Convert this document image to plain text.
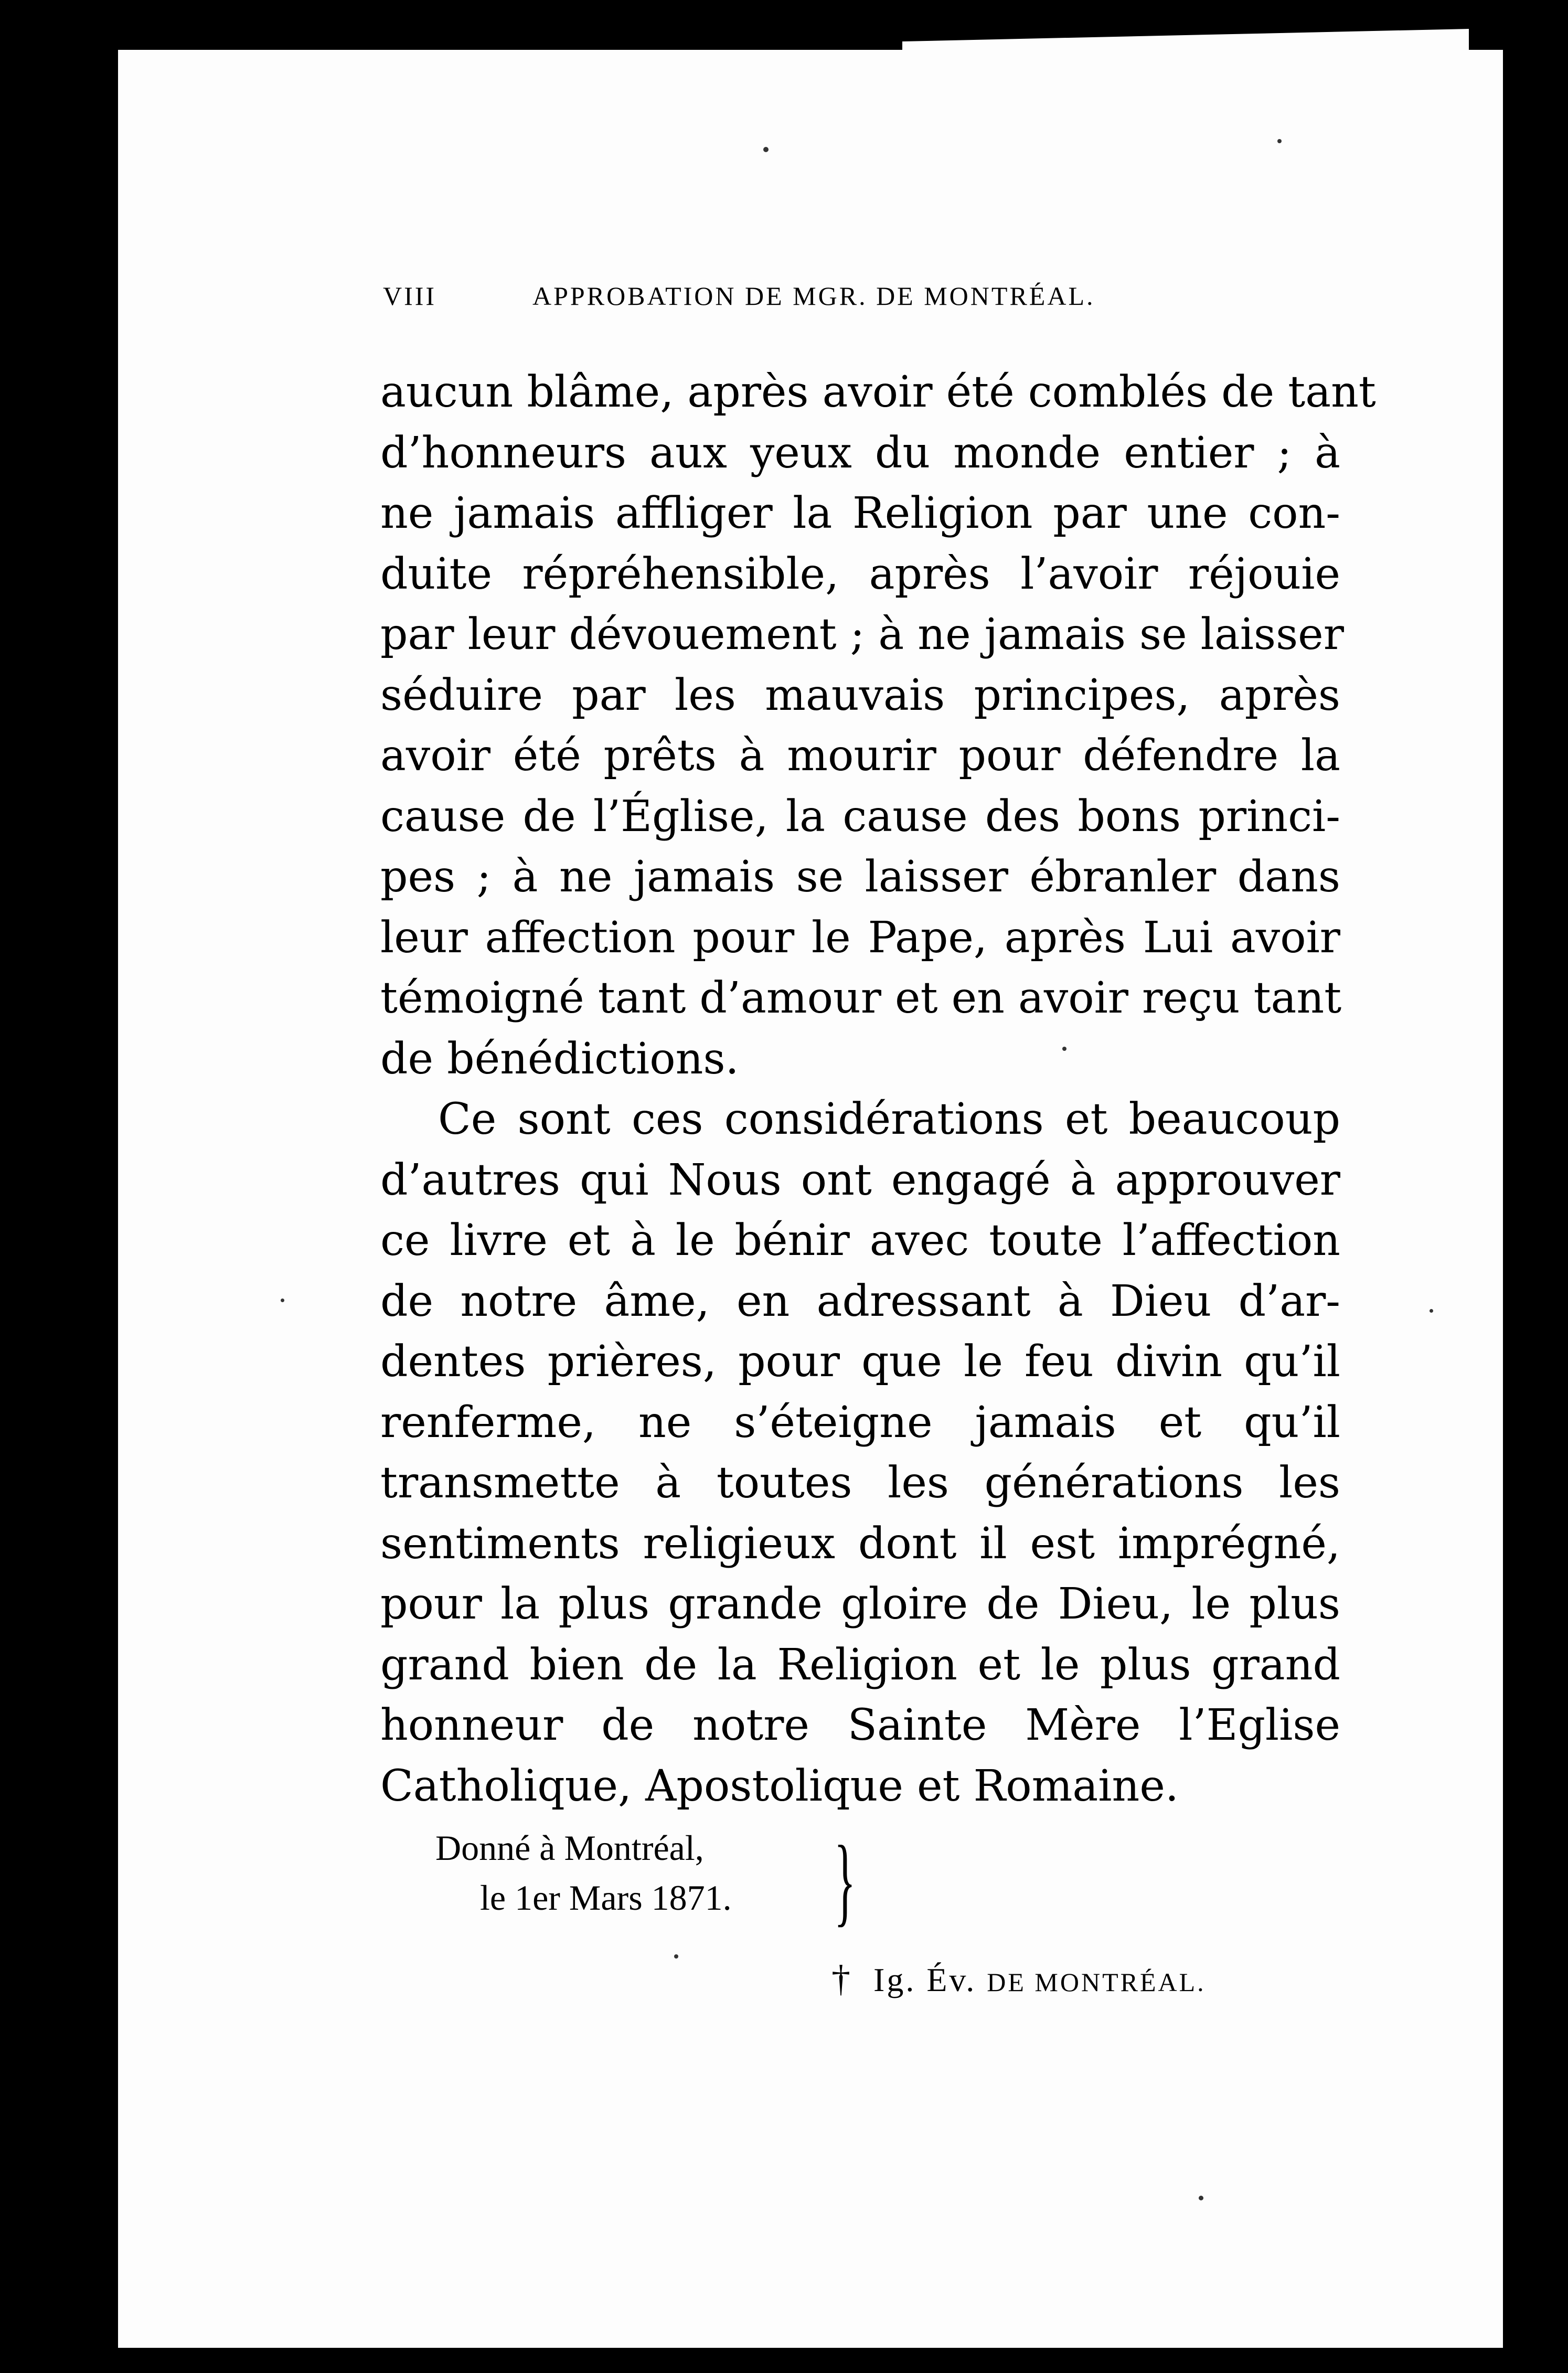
VIII	APPROBATION DE MGR. DE MONTRÉAL.
aucun blâme, après avoir été comblés de tant
d’honneurs aux yeux du monde entier ; à
ne jamais affliger la Religion par une con-
duite répréhensible, après l’avoir réjouie
par leur dévouement ; à ne jamais se laisser
séduire par les mauvais principes, après
avoir été prêts à mourir pour défendre la
cause de l’Église, la cause des bons princi-
pes ; à ne jamais se laisser ébranler dans
leur affection pour le Pape, après Lui avoir
témoigné tant d’amour et en avoir reçu tant
de bénédictions.
Ce sont ces considérations et beaucoup
d’autres qui Nous ont engagé à approuver
ce livre et à le bénir avec toute l’affection
de notre âme, en adressant à Dieu d’ar-
dentes prières, pour que le feu divin qu’il
renferme, ne s’éteigne jamais et qu’il
transmette à toutes les générations les
sentiments religieux dont il est imprégné,
pour la plus grande gloire de Dieu, le plus
grand bien de la Religion et le plus grand
honneur de notre Sainte Mère l’Eglise
Catholique, Apostolique et Romaine.
Donné à Montréal,
le 1er Mars 1871. }
† Ig. Év. DE MONTRÉAL.
